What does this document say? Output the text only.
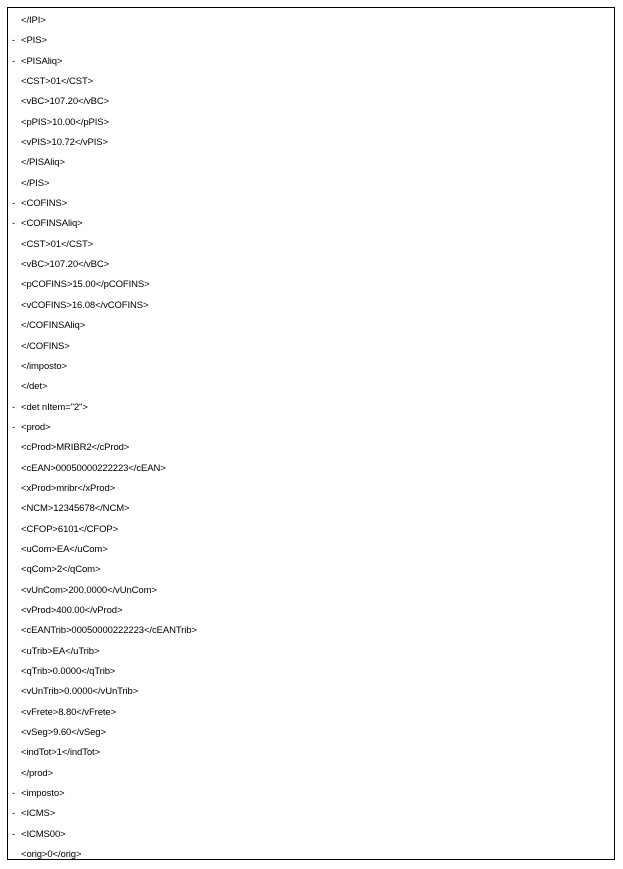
</IPI>
- <PIS>
- <PISAliq>
<CST>01</CST>
<vBC>107.20</vBC>
<pPIS>10.00</pPIS>
<vPIS>10.72</vPIS>
</PISAliq>
</PIS>
- <COFINS>
- <COFINSAliq>
<CST>01</CST>
<vBC>107.20</vBC>
<pCOFINS>15.00</pCOFINS>
<vCOFINS>16.08</vCOFINS>
</COFINSAliq>
</COFINS>
</imposto>
</det>
- <det nItem="2">
- <prod>
<cProd>MRIBR2</cProd>
<cEAN>00050000222223</cEAN>
<xProd>mribr</xProd>
<NCM>12345678</NCM>
<CFOP>6101</CFOP>
<uCom>EA</uCom>
<qCom>2</qCom>
<vUnCom>200.0000</vUnCom>
<vProd>400.00</vProd>
<cEANTrib>00050000222223</cEANTrib>
<uTrib>EA</uTrib>
<qTrib>0.0000</qTrib>
<vUnTrib>0.0000</vUnTrib>
<vFrete>8.80</vFrete>
<vSeg>9.60</vSeg>
<indTot>1</indTot>
</prod>
- <imposto>
- <ICMS>
- <ICMS00>
<orig>0</orig>
